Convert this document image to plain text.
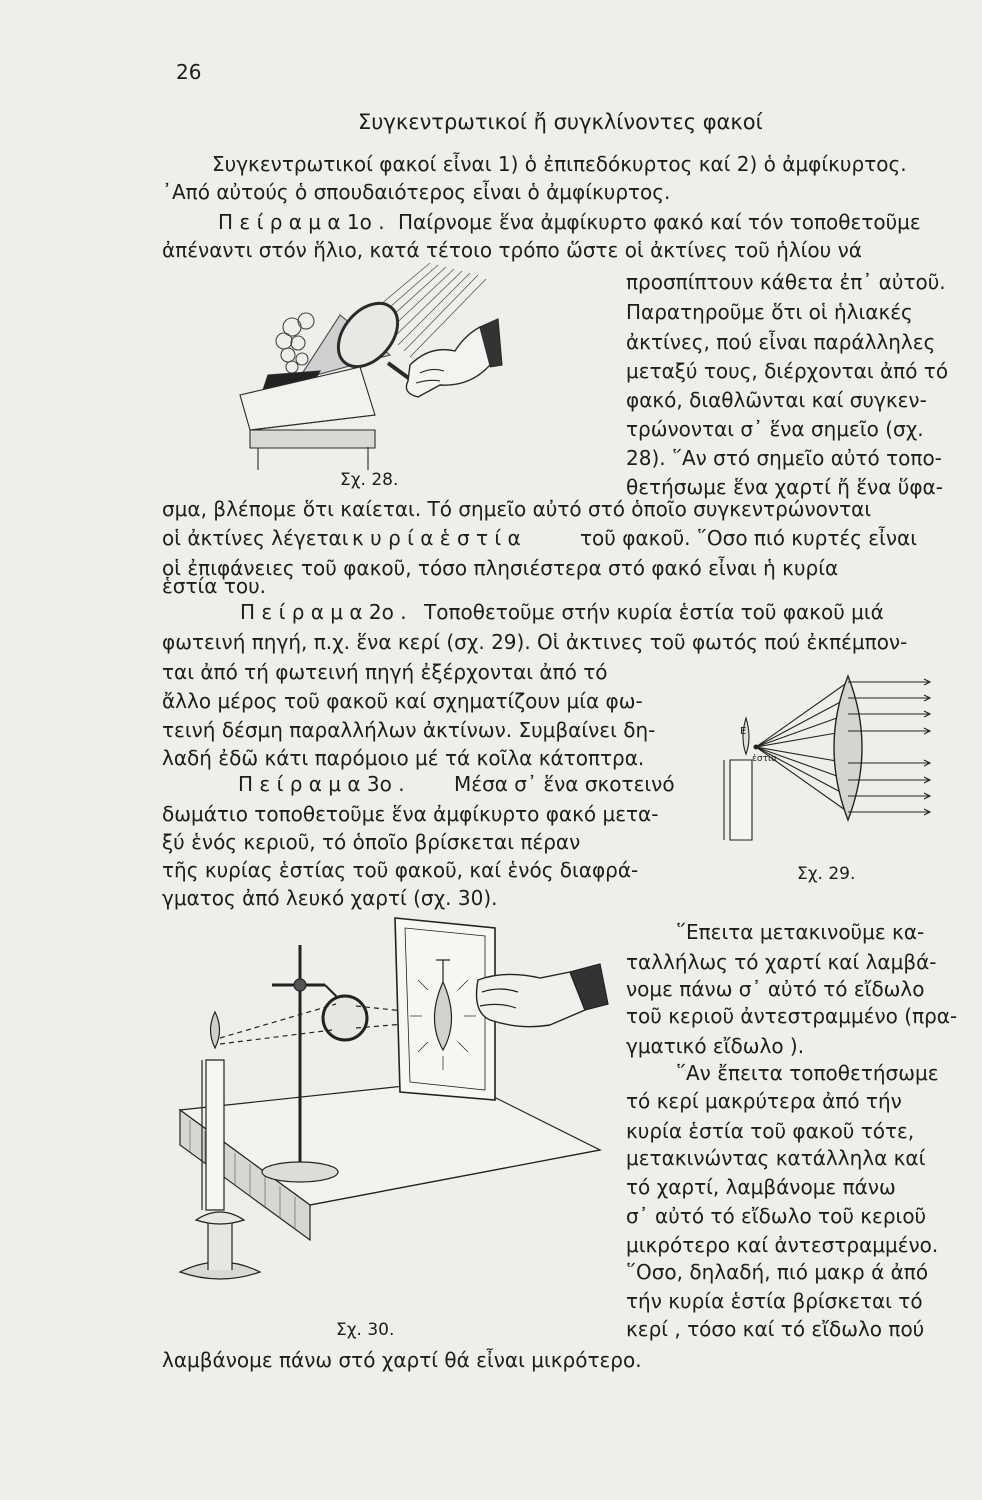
26
Συγκεντρωτικοί ἤ συγκλίνοντες φακοί
Συγκεντρωτικοί φακοί εἶναι 1) ὁ ἐπιπεδόκυρτος καί 2) ὁ ἀμφίκυρτος.
᾽Από αὐτούς ὁ σπουδαιότερος εἶναι ὁ ἀμφίκυρτος.
Π ε ί ρ α μ α 1ο . Παίρνομε ἕνα ἀμφίκυρτο φακό καί τόν τοποθετοῦμε
ἀπέναντι στόν ἥλιο, κατά τέτοιο τρόπο ὥστε οἱ ἀκτίνες τοῦ ἡλίου νά
προσπίπτουν κάθετα ἐπ᾽ αὐτοῦ.
Παρατηροῦμε ὅτι οἱ ἡλιακές
ἀκτίνες, πού εἶναι παράλληλες
μεταξύ τους, διέρχονται ἀπό τό
φακό, διαθλῶνται καί συγκεν-
τρώνονται σ᾽ ἕνα σημεῖο (σχ.
28). ῞Αν στό σημεῖο αὐτό τοπο-
θετήσωμε ἕνα χαρτί ἤ ἕνα ὕφα-
σμα, βλέπομε ὅτι καίεται. Τό σημεῖο αὐτό στό ὁποῖο συγκεντρώνονται
οἱ ἀκτίνες λέγεται κ υ ρ ί α ἑ σ τ ί α	τοῦ φακοῦ. ῞Οσο πιό κυρτές εἶναι
οἱ ἐπιφάνειες τοῦ φακοῦ, τόσο πλησιέστερα στό φακό εἶναι ἡ κυρία
ἑστία του.
Π ε ί ρ α μ α 2ο . Τοποθετοῦμε στήν κυρία ἑστία τοῦ φακοῦ μιά
φωτεινή πηγή, π.χ. ἕνα κερί (σχ. 29). Οἱ ἀκτινες τοῦ φωτός πού ἐκπέμπον-
ται ἀπό τή φωτεινή πηγή ἐξέρχονται ἀπό τό
ἄλλο μέρος τοῦ φακοῦ καί σχηματίζουν μία φω-
τεινή δέσμη παραλλήλων ἀκτίνων. Συμβαίνει δη-
λαδή ἐδῶ κάτι παρόμοιο μέ τά κοῖλα κάτοπτρα.
Π ε ί ρ α μ α 3ο . Μέσα σ᾽ ἕνα σκοτεινό
δωμάτιο τοποθετοῦμε ἕνα ἀμφίκυρτο φακό μετα-
ξύ ἑνός κεριοῦ, τό ὁποῖο βρίσκεται πέραν
τῆς κυρίας ἑστίας τοῦ φακοῦ, καί ἑνός διαφρά-
γματος ἀπό λευκό χαρτί (σχ. 30).
῞Επειτα μετακινοῦμε κα-
ταλλήλως τό χαρτί καί λαμβά-
νομε πάνω σ᾽ αὐτό τό εἴδωλο
τοῦ κεριοῦ ἀντεστραμμένο (πρα-
γματικό εἴδωλο ).
῞Αν ἔπειτα τοποθετήσωμε
τό κερί μακρύτερα ἀπό τήν
κυρία ἑστία τοῦ φακοῦ τότε,
μετακινώντας κατάλληλα καί
τό χαρτί, λαμβάνομε πάνω
σ᾽ αὐτό τό εἴδωλο τοῦ κεριοῦ
μικρότερο καί ἀντεστραμμένο.
῞Οσο, δηλαδή, πιό μακρ ά ἀπό
τήν κυρία ἑστία βρίσκεται τό
κερί , τόσο καί τό εἴδωλο πού
λαμβάνομε πάνω στό χαρτί θά εἶναι μικρότερο.
Σχ. 28.
Ε
ἑστία
Σχ. 29.
Σχ. 30.
